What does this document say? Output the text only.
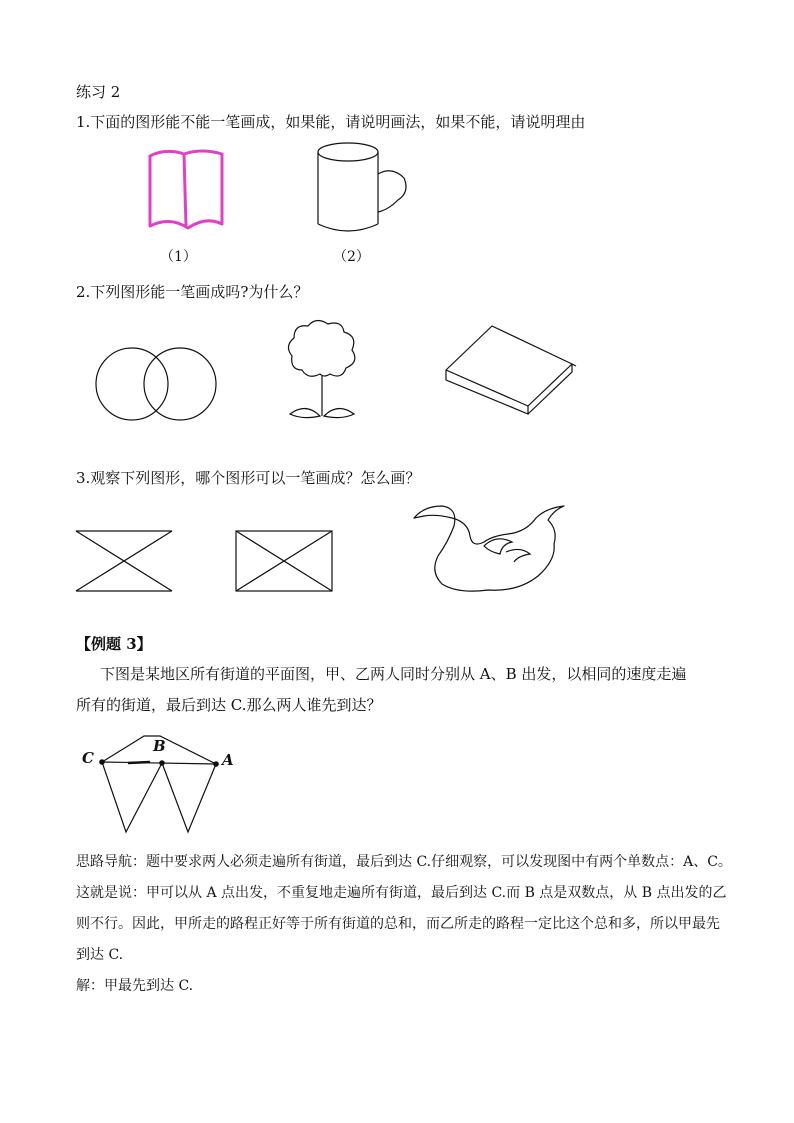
练习 2
1.下面的图形能不能一笔画成，如果能，请说明画法，如果不能，请说明理由
（1）	（2）
2.下列图形能一笔画成吗?为什么？
3.观察下列图形，哪个图形可以一笔画成？怎么画？
【例题 3】
下图是某地区所有街道的平面图，甲、乙两人同时分别从 A、B 出发，以相同的速度走遍
所有的街道，最后到达 C.那么两人谁先到达？
C
B
A
思路导航：题中要求两人必须走遍所有街道，最后到达 C.仔细观察，可以发现图中有两个单数点：A、C。
这就是说：甲可以从 A 点出发，不重复地走遍所有街道，最后到达 C.而 B 点是双数点，从 B 点出发的乙
则不行。因此，甲所走的路程正好等于所有街道的总和，而乙所走的路程一定比这个总和多，所以甲最先
到达 C.
解：甲最先到达 C.
